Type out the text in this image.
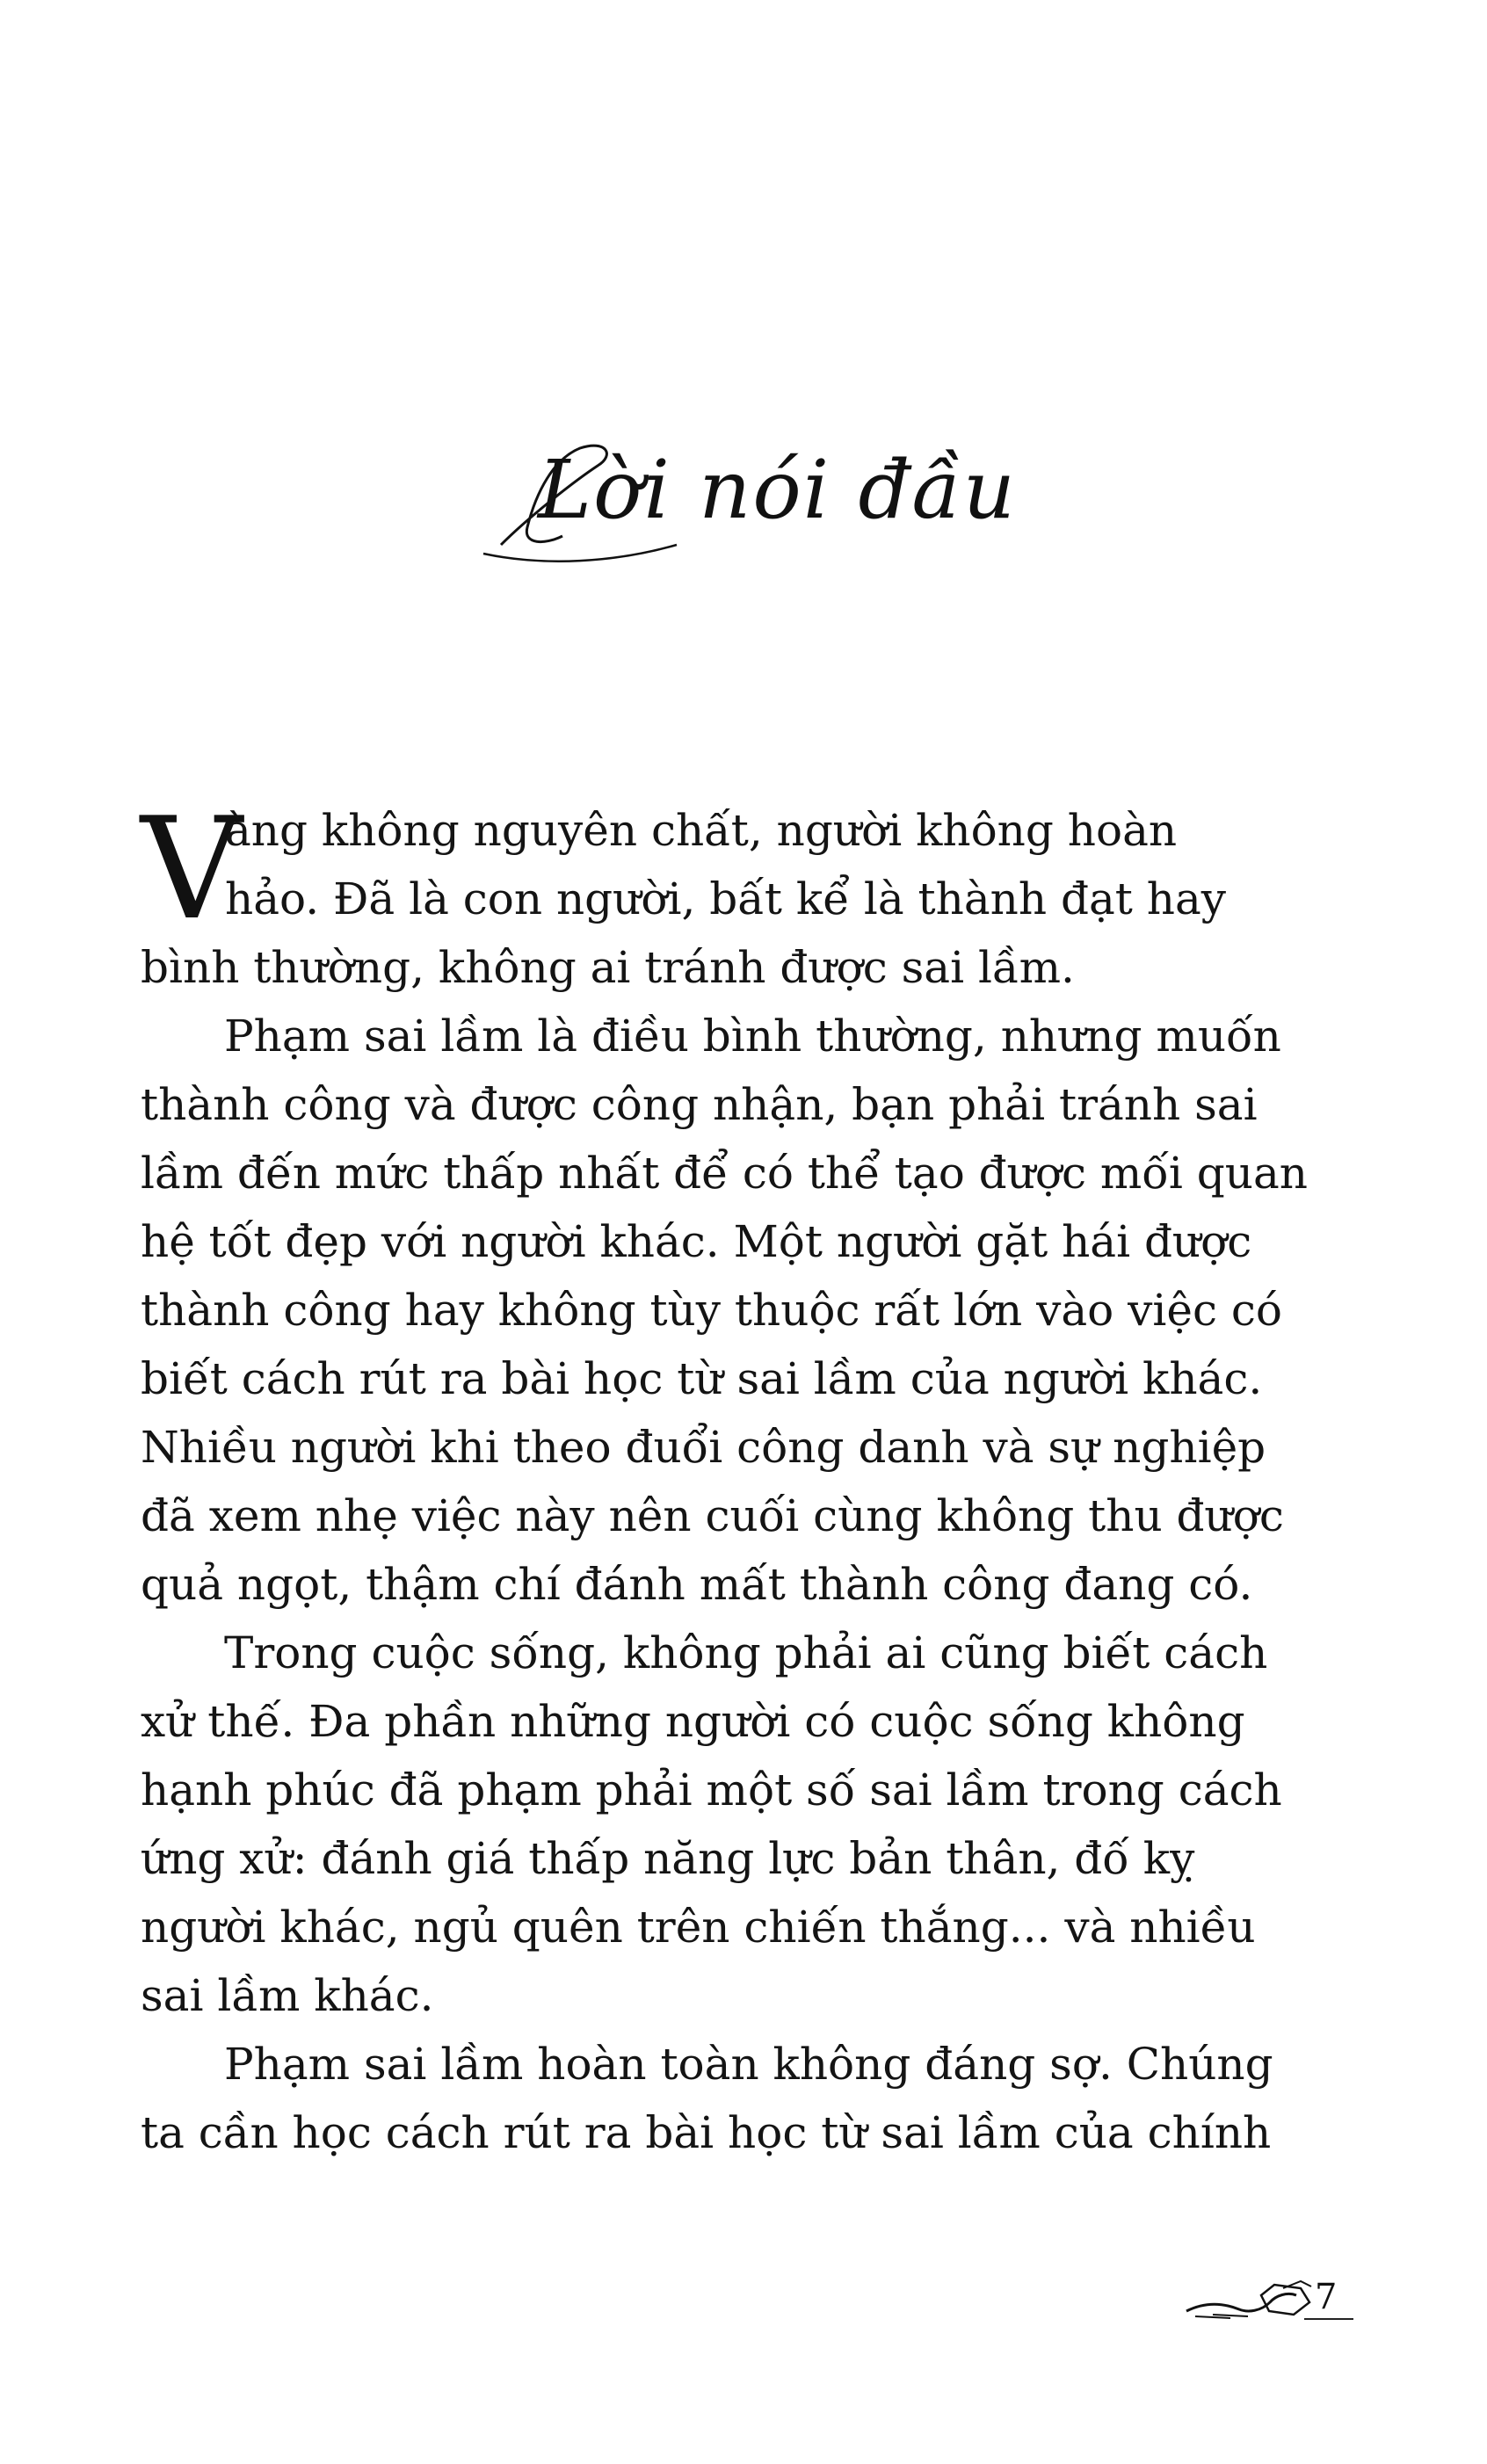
Lời nói đầu
V
àng không nguyên chất, người không hoàn
hảo. Đã là con người, bất kể là thành đạt hay
bình thường, không ai tránh được sai lầm.
Phạm sai lầm là điều bình thường, nhưng muốn
thành công và được công nhận, bạn phải tránh sai
lầm đến mức thấp nhất để có thể tạo được mối quan
hệ tốt đẹp với người khác. Một người gặt hái được
thành công hay không tùy thuộc rất lớn vào việc có
biết cách rút ra bài học từ sai lầm của người khác.
Nhiều người khi theo đuổi công danh và sự nghiệp
đã xem nhẹ việc này nên cuối cùng không thu được
quả ngọt, thậm chí đánh mất thành công đang có.
Trong cuộc sống, không phải ai cũng biết cách
xử thế. Đa phần những người có cuộc sống không
hạnh phúc đã phạm phải một số sai lầm trong cách
ứng xử: đánh giá thấp năng lực bản thân, đố kỵ
người khác, ngủ quên trên chiến thắng... và nhiều
sai lầm khác.
Phạm sai lầm hoàn toàn không đáng sợ. Chúng
ta cần học cách rút ra bài học từ sai lầm của chính
7
